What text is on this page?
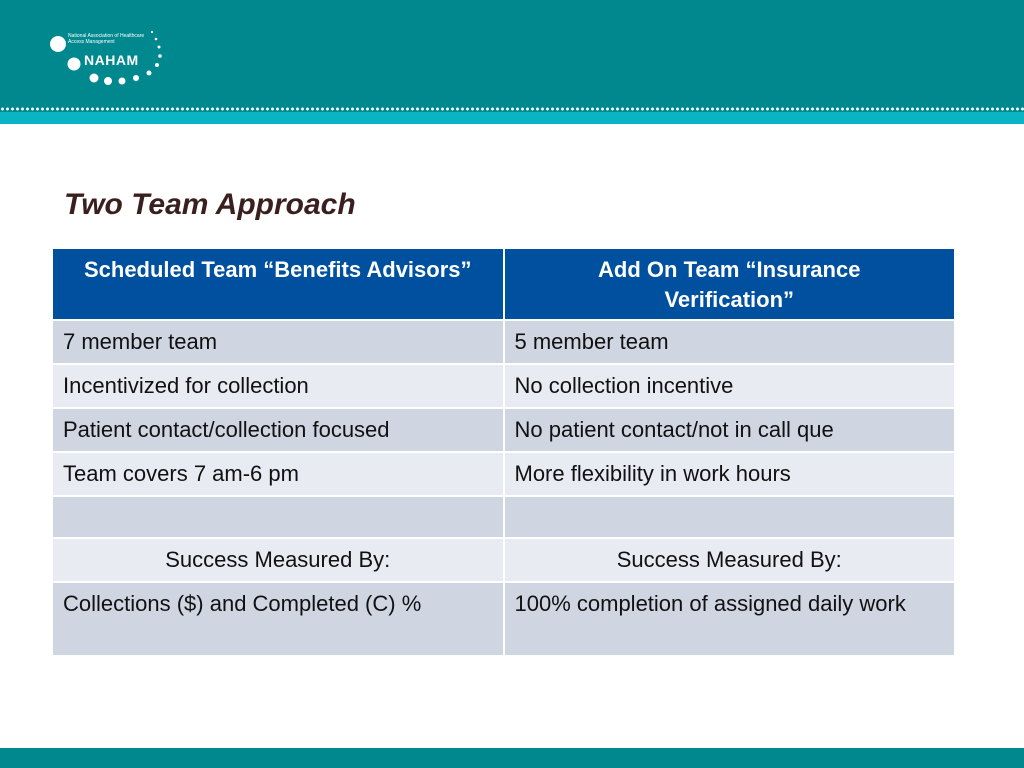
National Association of Healthcare Access Management
NAHAM
Two Team Approach
Scheduled Team “Benefits Advisors”	Add On Team “Insurance Verification”
7 member team	5 member team
Incentivized for collection	No collection incentive
Patient contact/collection focused	No patient contact/not in call que
Team covers 7 am-6 pm	More flexibility in work hours

Success Measured By:	Success Measured By:
Collections ($) and Completed (C) %	100% completion of assigned daily work
